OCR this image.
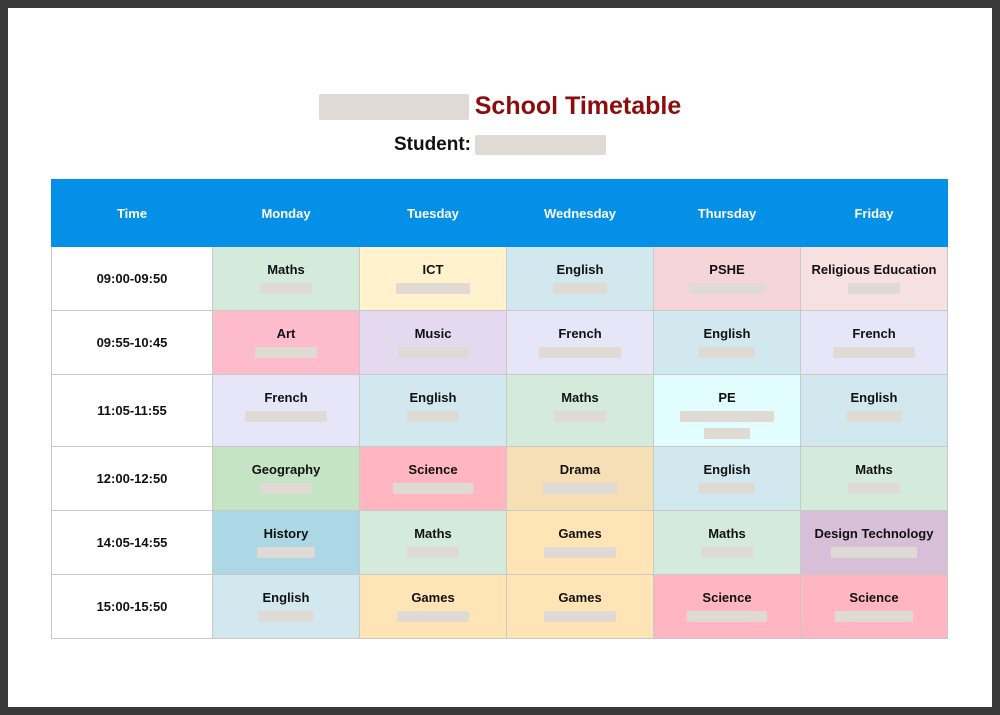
School Timetable
Student:
Time	Monday	Tuesday	Wednesday	Thursday	Friday
09:00-09:50	Maths	ICT	English	PSHE	Religious Education

09:55-10:45	Art	Music	French	English	French

11:05-11:55	French	English	Maths	PE	English

12:00-12:50	Geography	Science	Drama	English	Maths

14:05-14:55	History	Maths	Games	Maths	Design Technology

15:00-15:50	English	Games	Games	Science	Science
